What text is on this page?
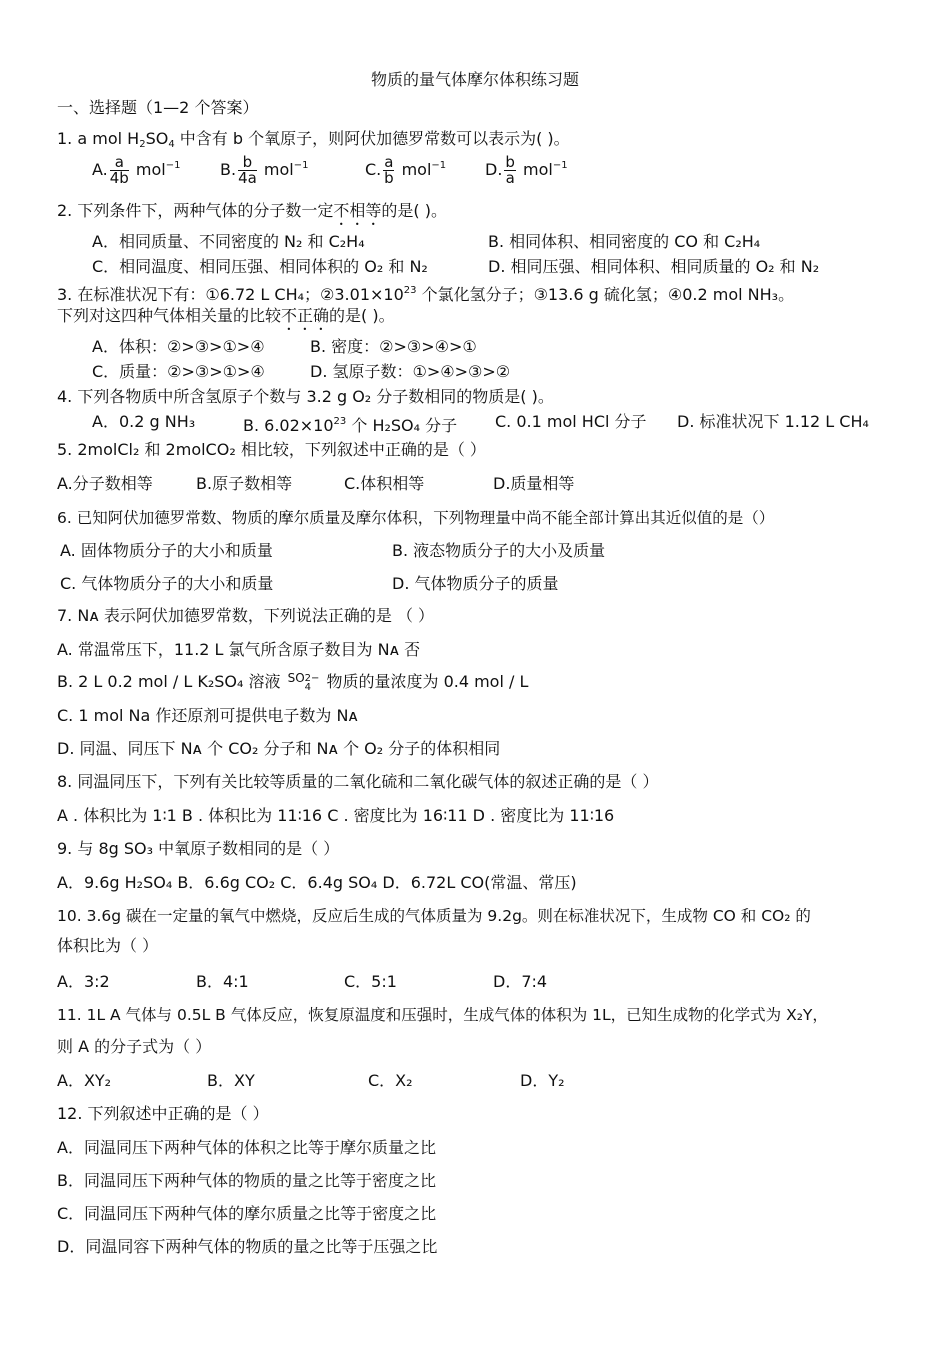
物质的量气体摩尔体积练习题
一、选择题（1—2 个答案）
1. a mol $H_2SO_4$ 中含有 b 个氧原子，则阿伏加德罗常数可以表示为( )。
A. $\frac{a}{4b} mol^{-1}$ B. $\frac{b}{4a} mol^{-1}$	C. $\frac{a}{b} mol^{-1}$ D. $\frac{b}{a} mol^{-1}$
2. 下列条件下，两种气体的分子数一定不相等的是( )。
A．相同质量、不同密度的 N₂ 和 C₂H₄	B. 相同体积、相同密度的 CO 和 C₂H₄
C．相同温度、相同压强、相同体积的 O₂ 和 N₂	D. 相同压强、相同体积、相同质量的 O₂ 和 N₂
3. 在标准状况下有：①6.72 L CH₄；$②3.01\times 10^{23}$ 个氯化氢分子；③13.6 g 硫化氢；④0.2 mol NH₃。
下列对这四种气体相关量的比较不正确的是( )。
A．体积：②>③>①>④	B. 密度：②>③>④>①
C．质量：②>③>①>④	D. 氢原子数：①>④>③>②
4. 下列各物质中所含氢原子个数与 3.2 g O₂ 分子数相同的物质是( )。
A．0.2 g NH₃	B. $6.02\times 10^{23}$ 个 H₂SO₄ 分子 C. 0.1 mol HCl 分子 D. 标准状况下 1.12 L CH₄
5. 2molCl₂ 和 2molCO₂ 相比较，下列叙述中正确的是（ ）
A.分子数相等	B.原子数相等	C.体积相等	D.质量相等
6. 已知阿伏加德罗常数、物质的摩尔质量及摩尔体积，下列物理量中尚不能全部计算出其近似值的是（）
A. 固体物质分子的大小和质量	B. 液态物质分子的大小及质量
C. 气体物质分子的大小和质量	D. 气体物质分子的质量
7. Nᴀ 表示阿伏加德罗常数，下列说法正确的是 （ ）
A. 常温常压下，11.2 L 氯气所含原子数目为 Nᴀ 否
B. 2 L 0.2 mol / L K₂SO₄ 溶液 SO 2−
4 物质的量浓度为 0.4 mol / L
C. 1 mol Na 作还原剂可提供电子数为 Nᴀ
D. 同温、同压下 Nᴀ 个 CO₂ 分子和 Nᴀ 个 O₂ 分子的体积相同
8. 同温同压下，下列有关比较等质量的二氧化硫和二氧化碳气体的叙述正确的是（ ）
A . 体积比为 1∶1 B . 体积比为 11∶16 C . 密度比为 16∶11 D . 密度比为 11∶16
9. 与 8g SO₃ 中氧原子数相同的是（ ）
A．9.6g H₂SO₄ B．6.6g CO₂ C．6.4g SO₄ D．6.72L CO(常温、常压)
10. 3.6g 碳在一定量的氧气中燃烧，反应后生成的气体质量为 9.2g。则在标准状况下，生成物 CO 和 CO₂ 的
体积比为（ ）
A．3:2	B．4:1	C．5:1	D．7:4
11. 1L A 气体与 0.5L B 气体反应，恢复原温度和压强时，生成气体的体积为 1L，已知生成物的化学式为 X₂Y，
则 A 的分子式为（ ）
A．XY₂	B．XY	C．X₂	D．Y₂
12. 下列叙述中正确的是（ ）
A．同温同压下两种气体的体积之比等于摩尔质量之比
B．同温同压下两种气体的物质的量之比等于密度之比
C．同温同压下两种气体的摩尔质量之比等于密度之比
D．同温同容下两种气体的物质的量之比等于压强之比
